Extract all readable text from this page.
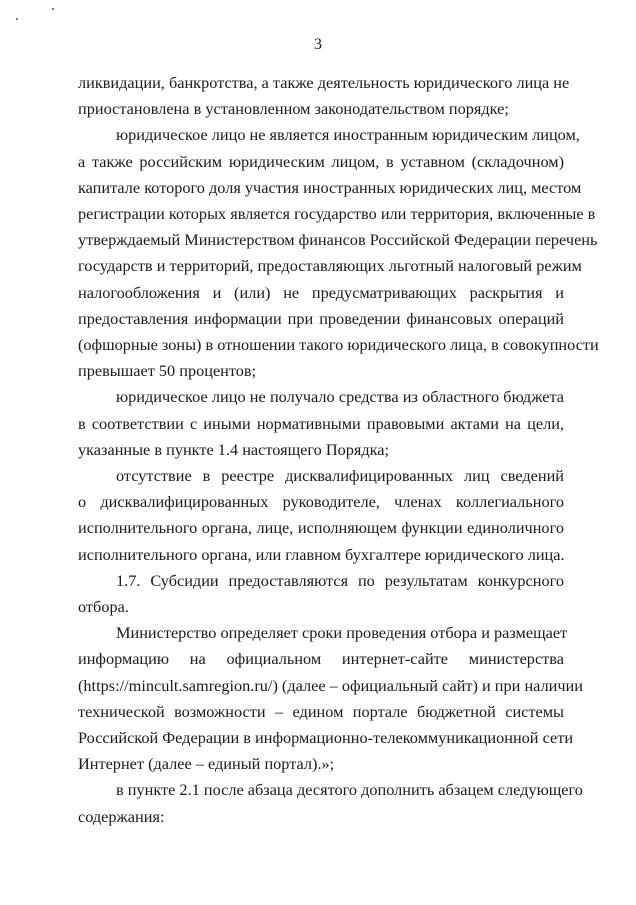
3

ликвидации, банкротства, а также деятельность юридического лица не

приостановлена в установленном законодательством порядке;

юридическое лицо не является иностранным юридическим лицом,

а также российским юридическим лицом, в уставном (складочном)

капитале которого доля участия иностранных юридических лиц, местом

регистрации которых является государство или территория, включенные в

утверждаемый Министерством финансов Российской Федерации перечень

государств и территорий, предоставляющих льготный налоговый режим

налогообложения и (или) не предусматривающих раскрытия и

предоставления информации при проведении финансовых операций

(офшорные зоны) в отношении такого юридического лица, в совокупности

превышает 50 процентов;

юридическое лицо не получало средства из областного бюджета

в соответствии с иными нормативными правовыми актами на цели,

указанные в пункте 1.4 настоящего Порядка;

отсутствие в реестре дисквалифицированных лиц сведений

о дисквалифицированных руководителе, членах коллегиального

исполнительного органа, лице, исполняющем функции единоличного

исполнительного органа, или главном бухгалтере юридического лица.

1.7. Субсидии предоставляются по результатам конкурсного

отбора.

Министерство определяет сроки проведения отбора и размещает

информацию на официальном интернет-сайте министерства

(https://mincult.samregion.ru/) (далее – официальный сайт) и при наличии

технической возможности – едином портале бюджетной системы

Российской Федерации в информационно-телекоммуникационной сети

Интернет (далее – единый портал).»;

в пункте 2.1 после абзаца десятого дополнить абзацем следующего

содержания:
